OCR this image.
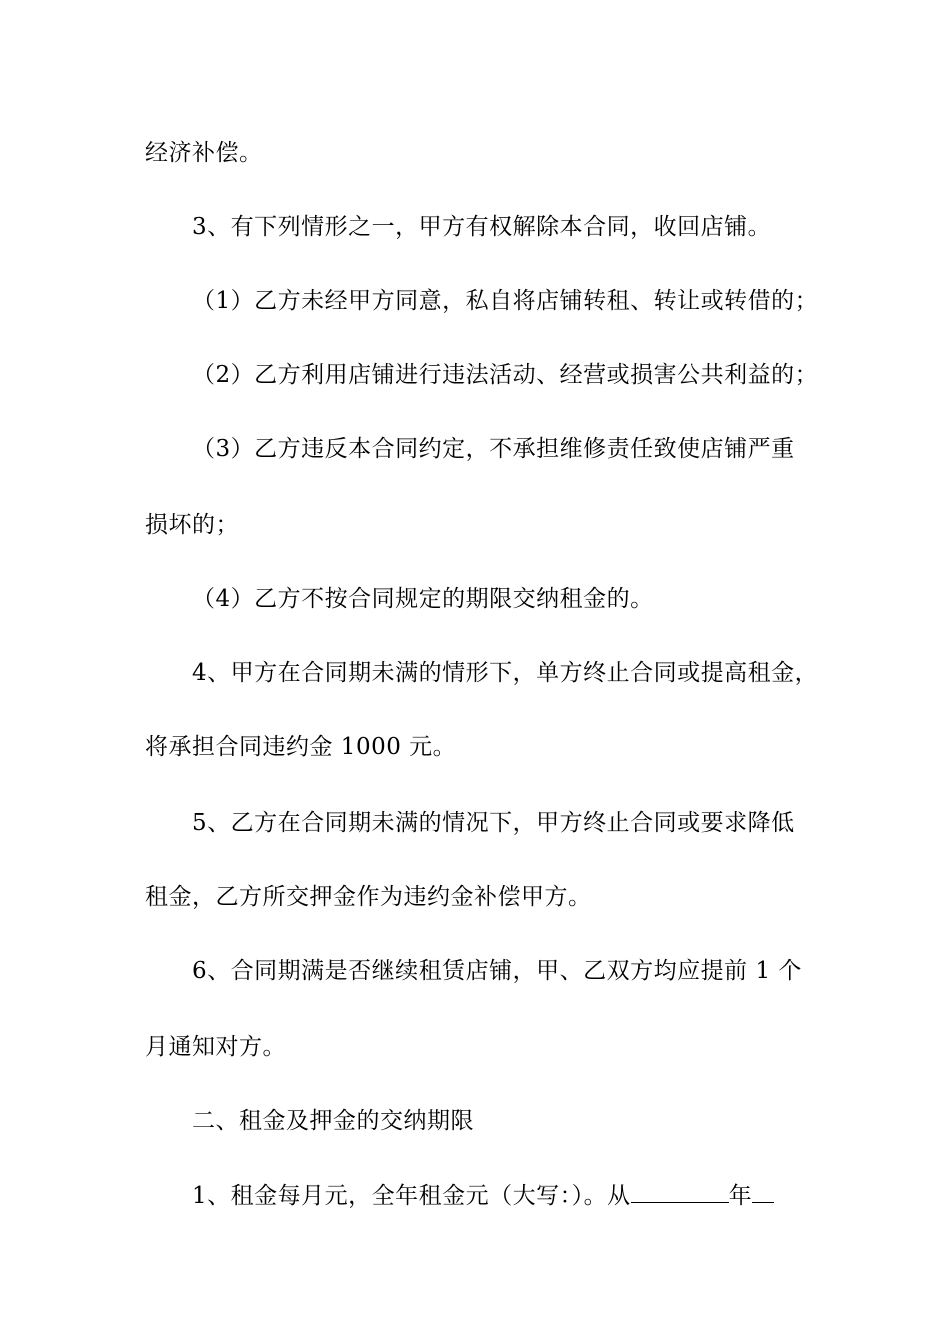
经济补偿。
3、有下列情形之一，甲方有权解除本合同，收回店铺。
（1）乙方未经甲方同意，私自将店铺转租、转让或转借的；
（2）乙方利用店铺进行违法活动、经营或损害公共利益的；
（3）乙方违反本合同约定，不承担维修责任致使店铺严重
损坏的；
（4）乙方不按合同规定的期限交纳租金的。
4、甲方在合同期未满的情形下，单方终止合同或提高租金，
将承担合同违约金 1000 元。
5、乙方在合同期未满的情况下，甲方终止合同或要求降低
租金，乙方所交押金作为违约金补偿甲方。
6、合同期满是否继续租赁店铺，甲、乙双方均应提前 1 个
月通知对方。
二、租金及押金的交纳期限
1、租金每月元，全年租金元（大写：）。从	年
